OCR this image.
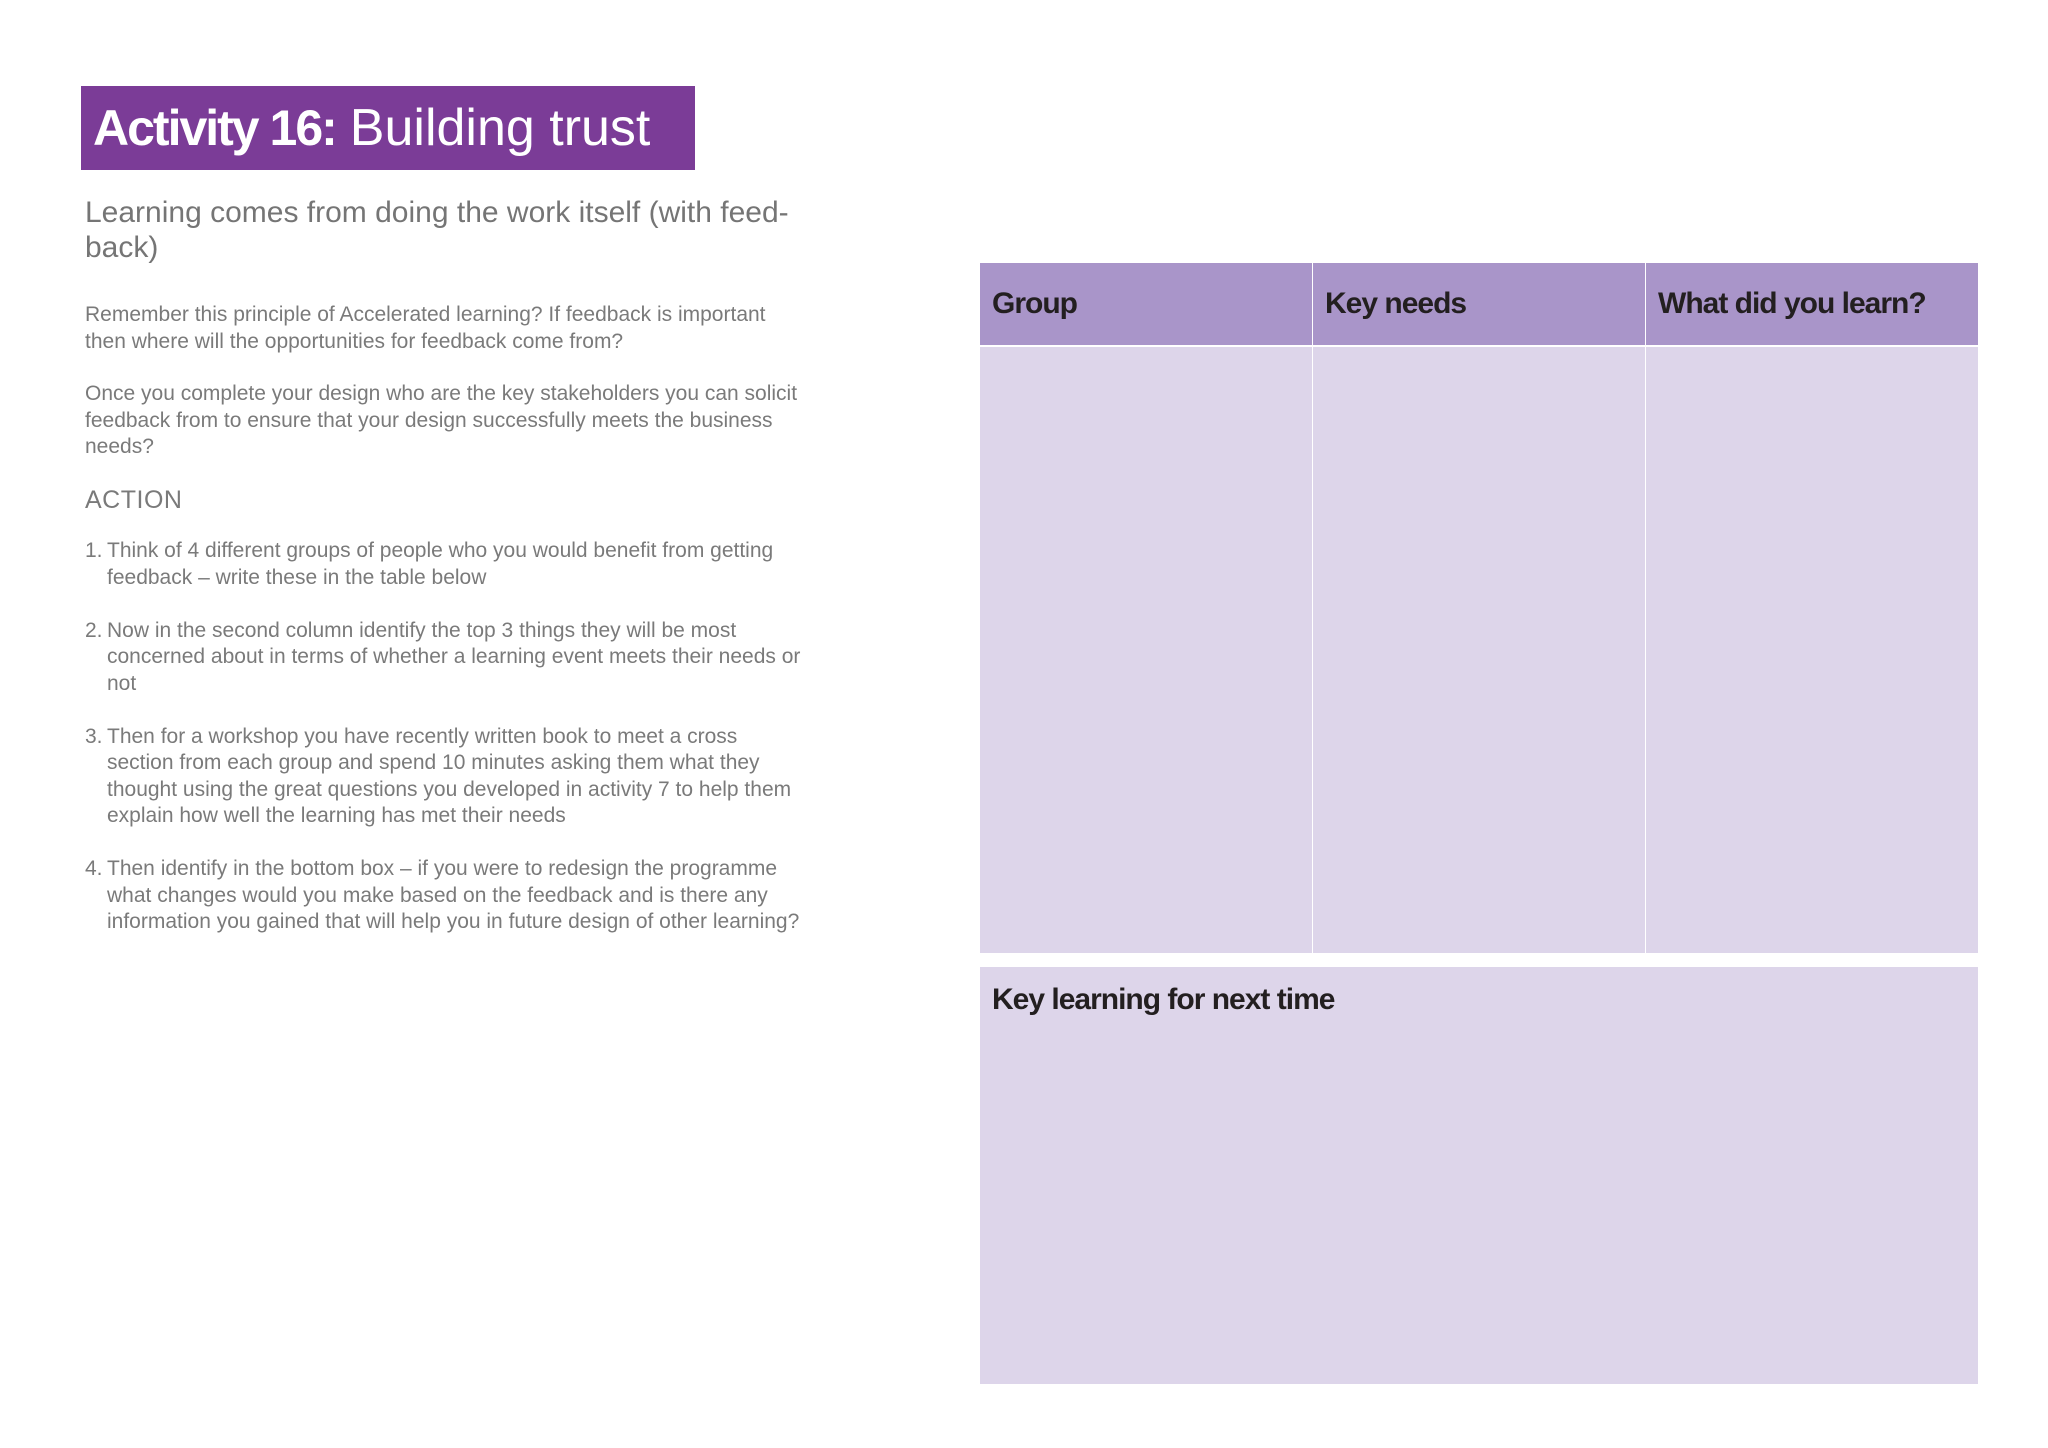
Activity 16: Building trust
Learning comes from doing the work itself (with feed-back)

Remember this principle of Accelerated learning? If feedback is important then where will the opportunities for feedback come from?

Once you complete your design who are the key stakeholders you can solicit feedback from to ensure that your design successfully meets the business needs?

ACTION
1. Think of 4 different groups of people who you would benefit from getting feedback – write these in the table below
2. Now in the second column identify the top 3 things they will be most concerned about in terms of whether a learning event meets their needs or not
3. Then for a workshop you have recently written book to meet a cross section from each group and spend 10 minutes asking them what they thought using the great questions you developed in activity 7 to help them explain how well the learning has met their needs
4. Then identify in the bottom box – if you were to redesign the programme what changes would you make based on the feedback and is there any information you gained that will help you in future design of other learning?
Group	Key needs	What did you learn?
Key learning for next time
